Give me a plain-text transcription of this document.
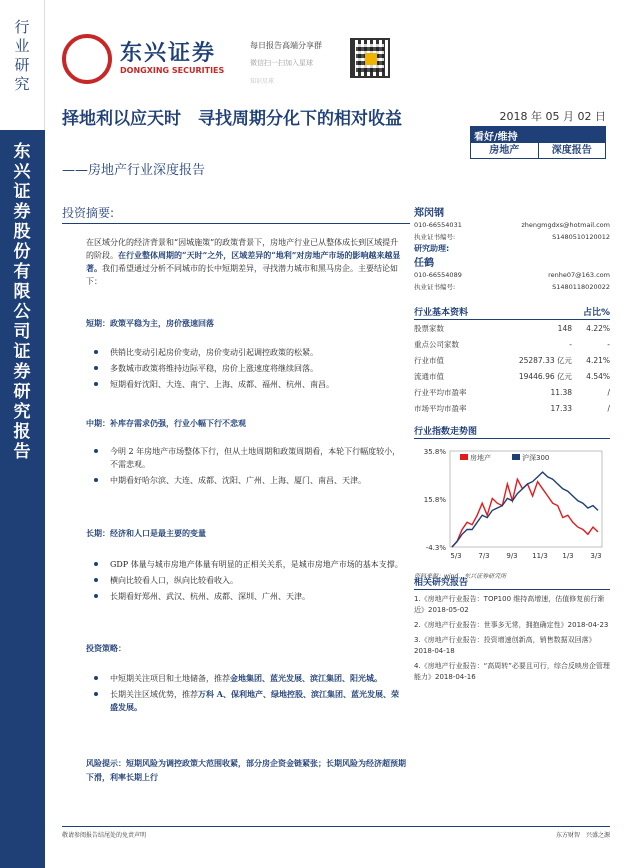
行业研究
东兴证券股份有限公司证券研究报告
东兴证券
DONGXING SECURITIES
每日报告高端分享群
微信扫一扫加入星球
知识星球
择地利以应天时　寻找周期分化下的相对收益
——房地产行业深度报告
2018 年 05 月 02 日
看好/维持
房地产	深度报告
投资摘要:
在区域分化的经济背景和“因城施策”的政策背景下，房地产行业已从整体成长到区域提升的阶段。在行业整体周期的“天时”之外，区域差异的“地利”对房地产市场的影响越来越显著。我们希望通过分析不同城市的长中短期差异，寻找潜力城市和黑马房企。主要结论如下：
短期：政策平稳为主，房价涨速回落
供销比变动引起房价变动，房价变动引起调控政策的松紧。
多数城市政策将维持边际平稳，房价上涨速度将继续回落。
短期看好沈阳、大连、南宁、上海、成都、福州、杭州、南昌。
中期：补库存需求仍强，行业小幅下行不悲观
今明 2 年房地产市场整体下行，但从土地周期和政策周期看，本轮下行幅度较小，不需悲观。
中期看好哈尔滨、大连、成都、沈阳、广州、上海、厦门、南昌、天津。
长期：经济和人口是最主要的变量
GDP 体量与城市房地产体量有明显的正相关关系，是城市房地产市场的基本支撑。
横向比较看人口，纵向比较看收入。
长期看好郑州、武汉、杭州、成都、深圳、广州、天津。
投资策略：
中短期关注项目和土地储备，推荐金地集团、蓝光发展、滨江集团、阳光城。
长期关注区域优势，推荐万科 A、保利地产、绿地控股、滨江集团、蓝光发展、荣盛发展。
风险提示：短期风险为调控政策大范围收紧，部分房企资金链紧张；长期风险为经济超预期下滑，利率长期上行
郑闵钢
010-66554031	zhengmgdxs@hotmail.com
执业证书编号:	S1480510120012
研究助理:
任鹤
010-66554089	renhe07@163.com
执业证书编号:	S1480118020022
行业基本资料	占比%
股票家数	148	4.22%
重点公司家数	-	-
行业市值	25287.33 亿元	4.21%
流通市值	19446.96 亿元	4.54%
行业平均市盈率	11.38	/
市场平均市盈率	17.33	/
行业指数走势图
35.8%
15.8%
-4.3%
5/3 7/3 9/3 11/3 1/3 3/3
房地产	沪深300
资料来源：wind，东兴证券研究所
相关研究报告
1.《房地产行业报告：TOP100 维持高增速，估值修复前行渐近》2018-05-02
2.《房地产行业报告：世事多无常，拥抱确定性》2018-04-23
3.《房地产行业报告：投资增速创新高，销售数据双回落》2018-04-18
4.《房地产行业报告：“高周转”必要且可行，综合反映房企管理能力》2018-04-16
敬请参阅报告结尾处的免责声明	东方财智　兴盛之源
